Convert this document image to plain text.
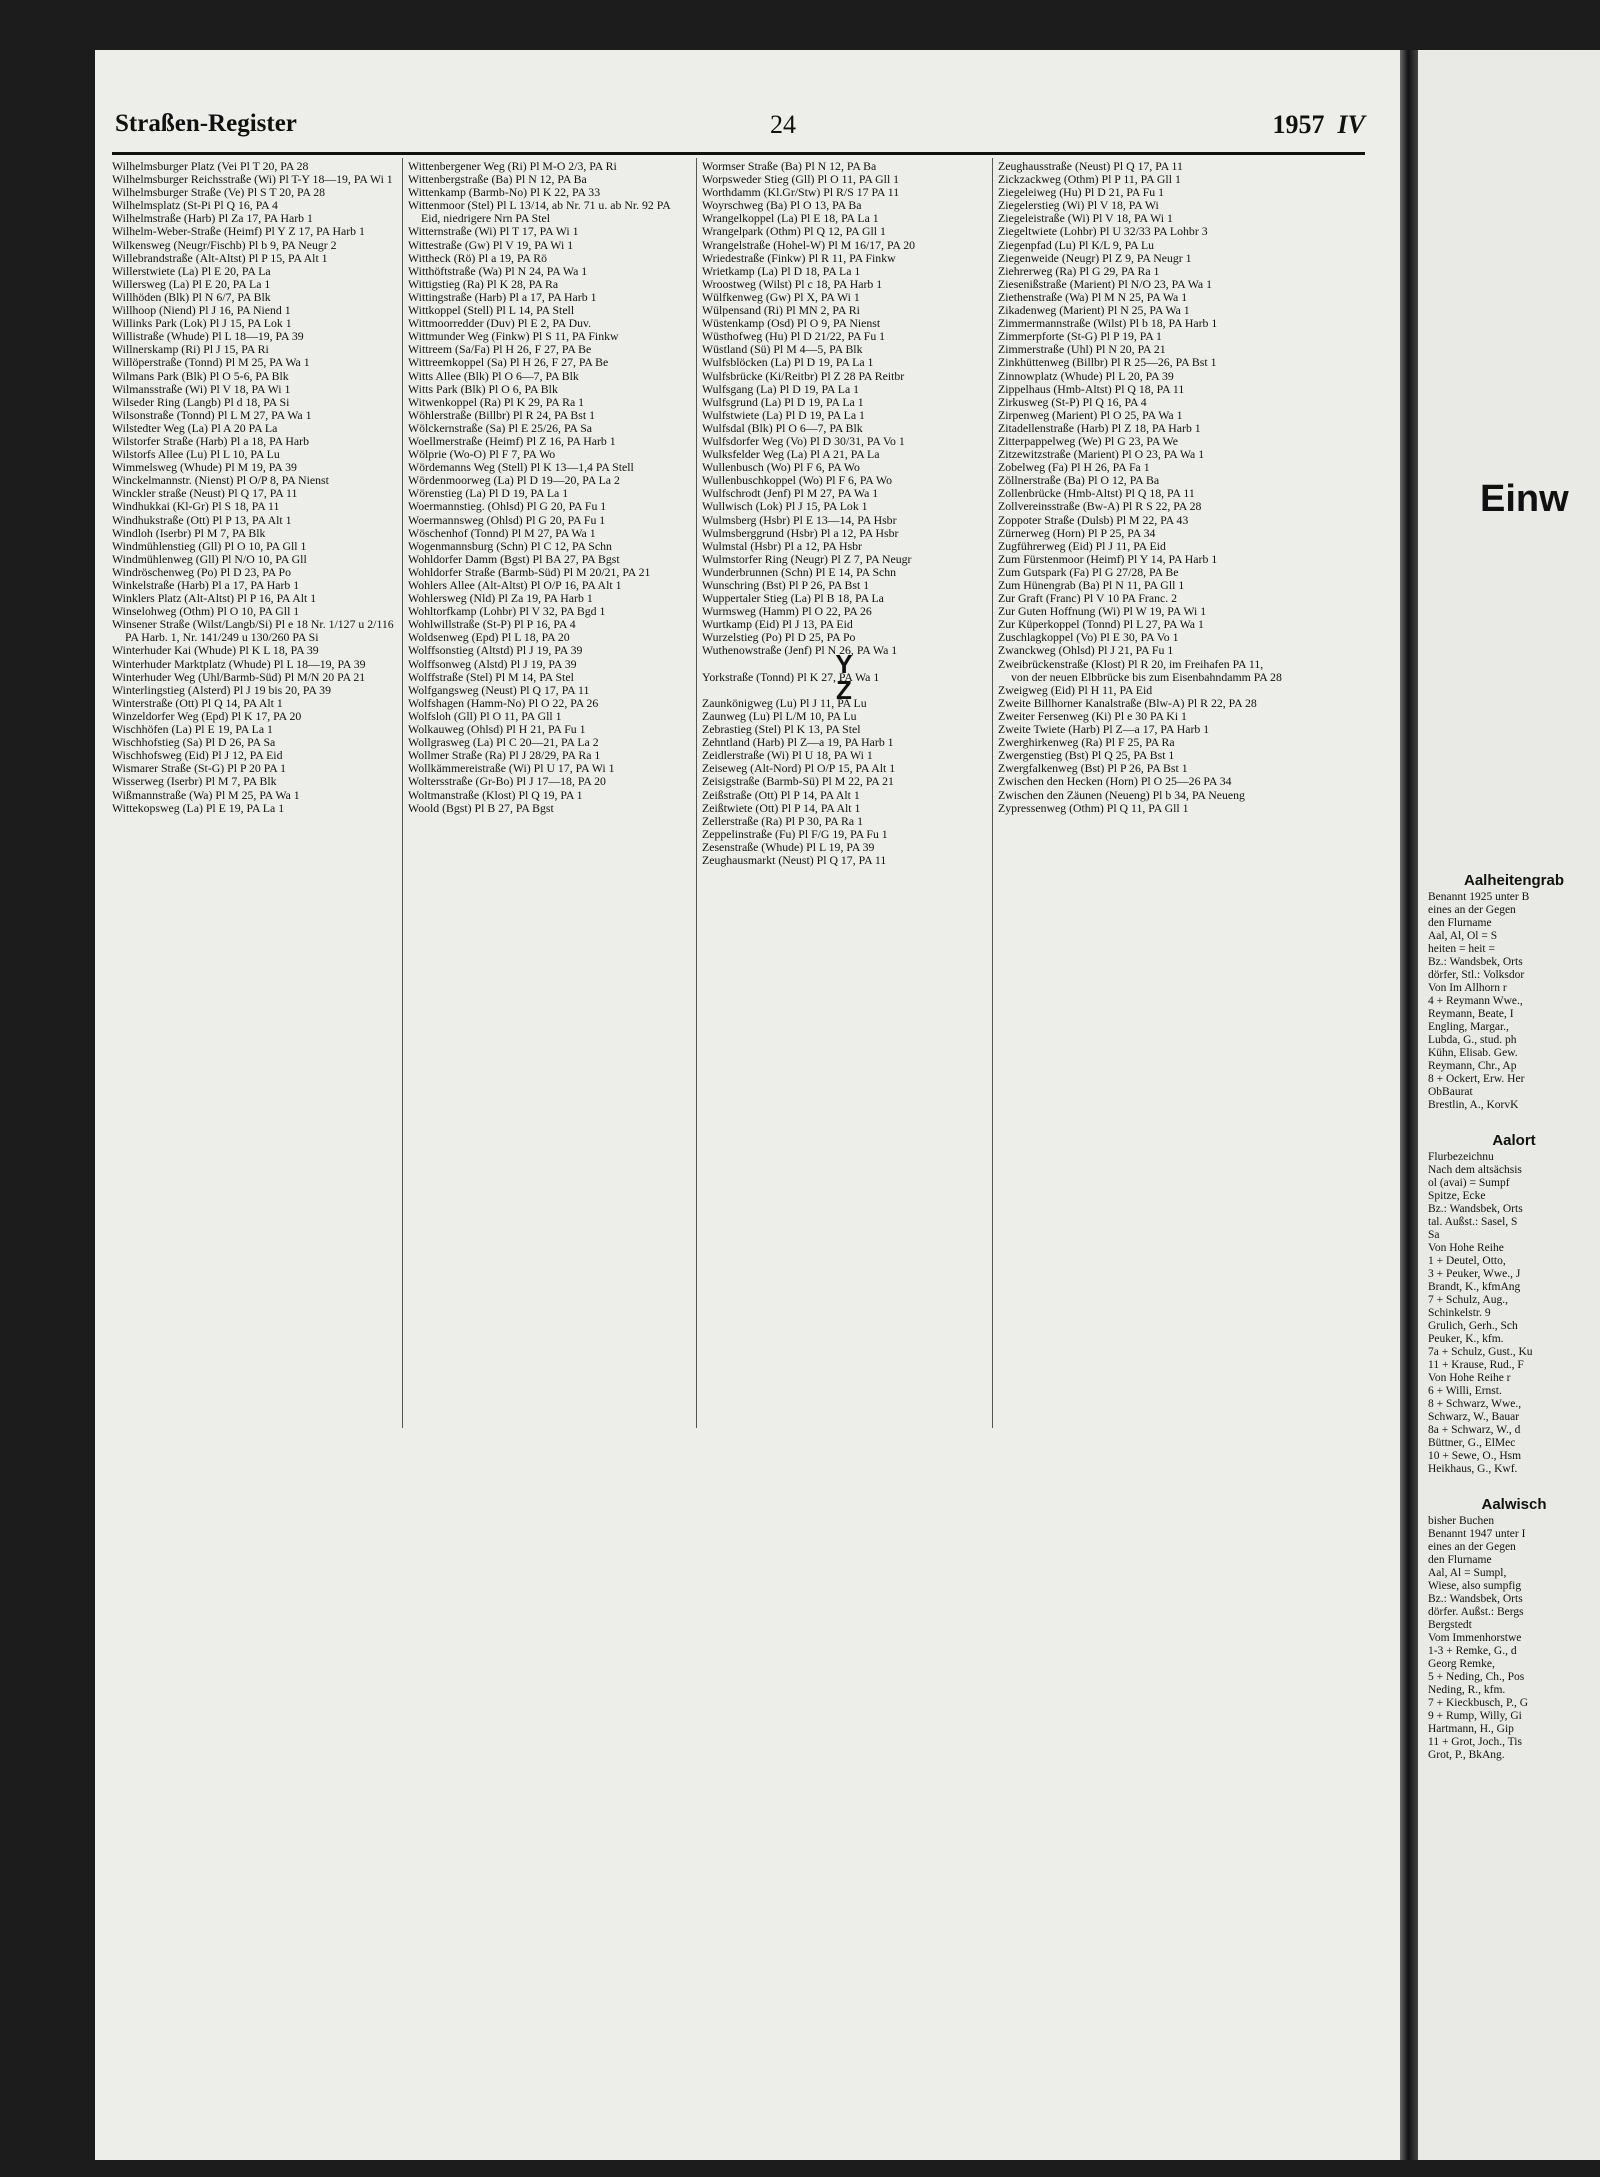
Straßen-Register	24	1957 IV

Wilhelmsburger Platz (Vei Pl T 20, PA 28

Wilhelmsburger Reichsstraße (Wi) Pl T-Y 18—19, PA Wi 1

Wilhelmsburger Straße (Ve) Pl S T 20, PA 28

Wilhelmsplatz (St-Pi Pl Q 16, PA 4

Wilhelmstraße (Harb) Pl Za 17, PA Harb 1

Wilhelm-Weber-Straße (Heimf) Pl Y Z 17, PA Harb 1

Wilkensweg (Neugr/Fischb) Pl b 9, PA Neugr 2

Willebrandstraße (Alt-Altst) Pl P 15, PA Alt 1

Willerstwiete (La) Pl E 20, PA La

Willersweg (La) Pl E 20, PA La 1

Willhöden (Blk) Pl N 6/7, PA Blk

Willhoop (Niend) Pl J 16, PA Niend 1

Willinks Park (Lok) Pl J 15, PA Lok 1

Willistraße (Whude) Pl L 18—19, PA 39

Willnerskamp (Ri) Pl J 15, PA Ri

Willöperstraße (Tonnd) Pl M 25, PA Wa 1

Wilmans Park (Blk) Pl O 5-6, PA Blk

Wilmansstraße (Wi) Pl V 18, PA Wi 1

Wilseder Ring (Langb) Pl d 18, PA Si

Wilsonstraße (Tonnd) Pl L M 27, PA Wa 1

Wilstedter Weg (La) Pl A 20 PA La

Wilstorfer Straße (Harb) Pl a 18, PA Harb

Wilstorfs Allee (Lu) Pl L 10, PA Lu

Wimmelsweg (Whude) Pl M 19, PA 39

Winckelmannstr. (Nienst) Pl O/P 8, PA Nienst

Winckler straße (Neust) Pl Q 17, PA 11

Windhukkai (Kl-Gr) Pl S 18, PA 11

Windhukstraße (Ott) Pl P 13, PA Alt 1

Windloh (Iserbr) Pl M 7, PA Blk

Windmühlenstieg (Gll) Pl O 10, PA Gll 1

Windmühlenweg (Gll) Pl N/O 10, PA Gll

Windröschenweg (Po) Pl D 23, PA Po

Winkelstraße (Harb) Pl a 17, PA Harb 1

Winklers Platz (Alt-Altst) Pl P 16, PA Alt 1

Winselohweg (Othm) Pl O 10, PA Gll 1

Winsener Straße (Wilst/Langb/Si) Pl e 18 Nr. 1/127 u 2/116 PA Harb. 1, Nr. 141/249 u 130/260 PA Si

Winterhuder Kai (Whude) Pl K L 18, PA 39

Winterhuder Marktplatz (Whude) Pl L 18—19, PA 39

Winterhuder Weg (Uhl/Barmb-Süd) Pl M/N 20 PA 21

Winterlingstieg (Alsterd) Pl J 19 bis 20, PA 39

Winterstraße (Ott) Pl Q 14, PA Alt 1

Winzeldorfer Weg (Epd) Pl K 17, PA 20

Wischhöfen (La) Pl E 19, PA La 1

Wischhofstieg (Sa) Pl D 26, PA Sa

Wischhofsweg (Eid) Pl J 12, PA Eid

Wismarer Straße (St-G) Pl P 20 PA 1

Wisserweg (Iserbr) Pl M 7, PA Blk

Wißmannstraße (Wa) Pl M 25, PA Wa 1

Wittekopsweg (La) Pl E 19, PA La 1

Wittenbergener Weg (Ri) Pl M-O 2/3, PA Ri

Wittenbergstraße (Ba) Pl N 12, PA Ba

Wittenkamp (Barmb-No) Pl K 22, PA 33

Wittenmoor (Stel) Pl L 13/14, ab Nr. 71 u. ab Nr. 92 PA Eid, niedrigere Nrn PA Stel

Witternstraße (Wi) Pl T 17, PA Wi 1

Wittestraße (Gw) Pl V 19, PA Wi 1

Wittheck (Rö) Pl a 19, PA Rö

Witthöftstraße (Wa) Pl N 24, PA Wa 1

Wittigstieg (Ra) Pl K 28, PA Ra

Wittingstraße (Harb) Pl a 17, PA Harb 1

Wittkoppel (Stell) Pl L 14, PA Stell

Wittmoorredder (Duv) Pl E 2, PA Duv.

Wittmunder Weg (Finkw) Pl S 11, PA Finkw

Wittreem (Sa/Fa) Pl H 26, F 27, PA Be

Wittreemkoppel (Sa) Pl H 26, F 27, PA Be

Witts Allee (Blk) Pl O 6—7, PA Blk

Witts Park (Blk) Pl O 6, PA Blk

Witwenkoppel (Ra) Pl K 29, PA Ra 1

Wöhlerstraße (Billbr) Pl R 24, PA Bst 1

Wölckernstraße (Sa) Pl E 25/26, PA Sa

Woellmerstraße (Heimf) Pl Z 16, PA Harb 1

Wölprie (Wo-O) Pl F 7, PA Wo

Wördemanns Weg (Stell) Pl K 13—1,4 PA Stell

Wördenmoorweg (La) Pl D 19—20, PA La 2

Wörenstieg (La) Pl D 19, PA La 1

Woermannstieg. (Ohlsd) Pl G 20, PA Fu 1

Woermannsweg (Ohlsd) Pl G 20, PA Fu 1

Wöschenhof (Tonnd) Pl M 27, PA Wa 1

Wogenmannsburg (Schn) Pl C 12, PA Schn

Wohldorfer Damm (Bgst) Pl BA 27, PA Bgst

Wohldorfer Straße (Barmb-Süd) Pl M 20/21, PA 21

Wohlers Allee (Alt-Altst) Pl O/P 16, PA Alt 1

Wohlersweg (Nld) Pl Za 19, PA Harb 1

Wohltorfkamp (Lohbr) Pl V 32, PA Bgd 1

Wohlwillstraße (St-P) Pl P 16, PA 4

Woldsenweg (Epd) Pl L 18, PA 20

Wolffsonstieg (Altstd) Pl J 19, PA 39

Wolffsonweg (Alstd) Pl J 19, PA 39

Wolffstraße (Stel) Pl M 14, PA Stel

Wolfgangsweg (Neust) Pl Q 17, PA 11

Wolfshagen (Hamm-No) Pl O 22, PA 26

Wolfsloh (Gll) Pl O 11, PA Gll 1

Wolkauweg (Ohlsd) Pl H 21, PA Fu 1

Wollgrasweg (La) Pl C 20—21, PA La 2

Wollmer Straße (Ra) Pl J 28/29, PA Ra 1

Wollkämmereistraße (Wi) Pl U 17, PA Wi 1

Woltersstraße (Gr-Bo) Pl J 17—18, PA 20

Woltmanstraße (Klost) Pl Q 19, PA 1

Woold (Bgst) Pl B 27, PA Bgst

Wormser Straße (Ba) Pl N 12, PA Ba

Worpsweder Stieg (Gll) Pl O 11, PA Gll 1

Worthdamm (Kl.Gr/Stw) Pl R/S 17 PA 11

Woyrschweg (Ba) Pl O 13, PA Ba

Wrangelkoppel (La) Pl E 18, PA La 1

Wrangelpark (Othm) Pl Q 12, PA Gll 1

Wrangelstraße (Hohel-W) Pl M 16/17, PA 20

Wriedestraße (Finkw) Pl R 11, PA Finkw

Wrietkamp (La) Pl D 18, PA La 1

Wroostweg (Wilst) Pl c 18, PA Harb 1

Wülfkenweg (Gw) Pl X, PA Wi 1

Wülpensand (Ri) Pl MN 2, PA Ri

Wüstenkamp (Osd) Pl O 9, PA Nienst

Wüsthofweg (Hu) Pl D 21/22, PA Fu 1

Wüstland (Sü) Pl M 4—5, PA Blk

Wulfsblöcken (La) Pl D 19, PA La 1

Wulfsbrücke (Ki/Reitbr) Pl Z 28 PA Reitbr

Wulfsgang (La) Pl D 19, PA La 1

Wulfsgrund (La) Pl D 19, PA La 1

Wulfstwiete (La) Pl D 19, PA La 1

Wulfsdal (Blk) Pl O 6—7, PA Blk

Wulfsdorfer Weg (Vo) Pl D 30/31, PA Vo 1

Wulksfelder Weg (La) Pl A 21, PA La

Wullenbusch (Wo) Pl F 6, PA Wo

Wullenbuschkoppel (Wo) Pl F 6, PA Wo

Wulfschrodt (Jenf) Pl M 27, PA Wa 1

Wullwisch (Lok) Pl J 15, PA Lok 1

Wulmsberg (Hsbr) Pl E 13—14, PA Hsbr

Wulmsberggrund (Hsbr) Pl a 12, PA Hsbr

Wulmstal (Hsbr) Pl a 12, PA Hsbr

Wulmstorfer Ring (Neugr) Pl Z 7, PA Neugr

Wunderbrunnen (Schn) Pl E 14, PA Schn

Wunschring (Bst) Pl P 26, PA Bst 1

Wuppertaler Stieg (La) Pl B 18, PA La

Wurmsweg (Hamm) Pl O 22, PA 26

Wurtkamp (Eid) Pl J 13, PA Eid

Wurzelstieg (Po) Pl D 25, PA Po

Wuthenowstraße (Jenf) Pl N 26, PA Wa 1

Y

Yorkstraße (Tonnd) Pl K 27, PA Wa 1

Z

Zaunkönigweg (Lu) Pl J 11, PA Lu

Zaunweg (Lu) Pl L/M 10, PA Lu

Zebrastieg (Stel) Pl K 13, PA Stel

Zehntland (Harb) Pl Z—a 19, PA Harb 1

Zeidlerstraße (Wi) Pl U 18, PA Wi 1

Zeiseweg (Alt-Nord) Pl O/P 15, PA Alt 1

Zeisigstraße (Barmb-Sü) Pl M 22, PA 21

Zeißstraße (Ott) Pl P 14, PA Alt 1

Zeißtwiete (Ott) Pl P 14, PA Alt 1

Zellerstraße (Ra) Pl P 30, PA Ra 1

Zeppelinstraße (Fu) Pl F/G 19, PA Fu 1

Zesenstraße (Whude) Pl L 19, PA 39

Zeughausmarkt (Neust) Pl Q 17, PA 11

Zeughausstraße (Neust) Pl Q 17, PA 11

Zickzackweg (Othm) Pl P 11, PA Gll 1

Ziegeleiweg (Hu) Pl D 21, PA Fu 1

Ziegelerstieg (Wi) Pl V 18, PA Wi

Ziegeleistraße (Wi) Pl V 18, PA Wi 1

Ziegeltwiete (Lohbr) Pl U 32/33 PA Lohbr 3

Ziegenpfad (Lu) Pl K/L 9, PA Lu

Ziegenweide (Neugr) Pl Z 9, PA Neugr 1

Ziehrerweg (Ra) Pl G 29, PA Ra 1

Ziesenißstraße (Marient) Pl N/O 23, PA Wa 1

Ziethenstraße (Wa) Pl M N 25, PA Wa 1

Zikadenweg (Marient) Pl N 25, PA Wa 1

Zimmermannstraße (Wilst) Pl b 18, PA Harb 1

Zimmerpforte (St-G) Pl P 19, PA 1

Zimmerstraße (Uhl) Pl N 20, PA 21

Zinkhüttenweg (Billbr) Pl R 25—26, PA Bst 1

Zinnowplatz (Whude) Pl L 20, PA 39

Zippelhaus (Hmb-Altst) Pl Q 18, PA 11

Zirkusweg (St-P) Pl Q 16, PA 4

Zirpenweg (Marient) Pl O 25, PA Wa 1

Zitadellenstraße (Harb) Pl Z 18, PA Harb 1

Zitterpappelweg (We) Pl G 23, PA We

Zitzewitzstraße (Marient) Pl O 23, PA Wa 1

Zobelweg (Fa) Pl H 26, PA Fa 1

Zöllnerstraße (Ba) Pl O 12, PA Ba

Zollenbrücke (Hmb-Altst) Pl Q 18, PA 11

Zollvereinsstraße (Bw-A) Pl R S 22, PA 28

Zoppoter Straße (Dulsb) Pl M 22, PA 43

Zürnerweg (Horn) Pl P 25, PA 34

Zugführerweg (Eid) Pl J 11, PA Eid

Zum Fürstenmoor (Heimf) Pl Y 14, PA Harb 1

Zum Gutspark (Fa) Pl G 27/28, PA Be

Zum Hünengrab (Ba) Pl N 11, PA Gll 1

Zur Graft (Franc) Pl V 10 PA Franc. 2

Zur Guten Hoffnung (Wi) Pl W 19, PA Wi 1

Zur Küperkoppel (Tonnd) Pl L 27, PA Wa 1

Zuschlagkoppel (Vo) Pl E 30, PA Vo 1

Zwanckweg (Ohlsd) Pl J 21, PA Fu 1

Zweibrückenstraße (Klost) Pl R 20, im Freihafen PA 11, von der neuen Elbbrücke bis zum Eisenbahndamm PA 28

Zweigweg (Eid) Pl H 11, PA Eid

Zweite Billhorner Kanalstraße (Blw-A) Pl R 22, PA 28

Zweiter Fersenweg (Ki) Pl e 30 PA Ki 1

Zweite Twiete (Harb) Pl Z—a 17, PA Harb 1

Zwerghirkenweg (Ra) Pl F 25, PA Ra

Zwergenstieg (Bst) Pl Q 25, PA Bst 1

Zwergfalkenweg (Bst) Pl P 26, PA Bst 1

Zwischen den Hecken (Horn) Pl O 25—26 PA 34

Zwischen den Zäunen (Neueng) Pl b 34, PA Neueng

Zypressenweg (Othm) Pl Q 11, PA Gll 1

Einw

Aalheitengrab

Benannt 1925 unter B

eines an der Gegen

den Flurname

Aal, Al, Ol = S

heiten = heit =

Bz.: Wandsbek, Orts

dörfer, Stl.: Volksdor

Von Im Allhorn r

4 + Reymann Wwe.,

Reymann, Beate, I

Engling, Margar.,

Lubda, G., stud. ph

Kühn, Elisab. Gew.

Reymann, Chr., Ap

8 + Ockert, Erw. Her

ObBaurat

Brestlin, A., KorvK

Aalort

Flurbezeichnu

Nach dem altsächsis

ol (avai) = Sumpf

Spitze, Ecke

Bz.: Wandsbek, Orts

tal. Außst.: Sasel, S

Sa

Von Hohe Reihe

1 + Deutel, Otto,

3 + Peuker, Wwe., J

Brandt, K., kfmAng

7 + Schulz, Aug.,

Schinkelstr. 9

Grulich, Gerh., Sch

Peuker, K., kfm.

7a + Schulz, Gust., Ku

11 + Krause, Rud., F

Von Hohe Reihe r

6 + Willi, Ernst.

8 + Schwarz, Wwe.,

Schwarz, W., Bauar

8a + Schwarz, W., d

Büttner, G., ElMec

10 + Sewe, O., Hsm

Heikhaus, G., Kwf.

Aalwisch

bisher Buchen

Benannt 1947 unter I

eines an der Gegen

den Flurname

Aal, Al = Sumpl,

Wiese, also sumpfig

Bz.: Wandsbek, Orts

dörfer. Außst.: Bergs

Bergstedt

Vom Immenhorstwe

1-3 + Remke, G., d

Georg Remke,

5 + Neding, Ch., Pos

Neding, R., kfm.

7 + Kieckbusch, P., G

9 + Rump, Willy, Gi

Hartmann, H., Gip

11 + Grot, Joch., Tis

Grot, P., BkAng.
